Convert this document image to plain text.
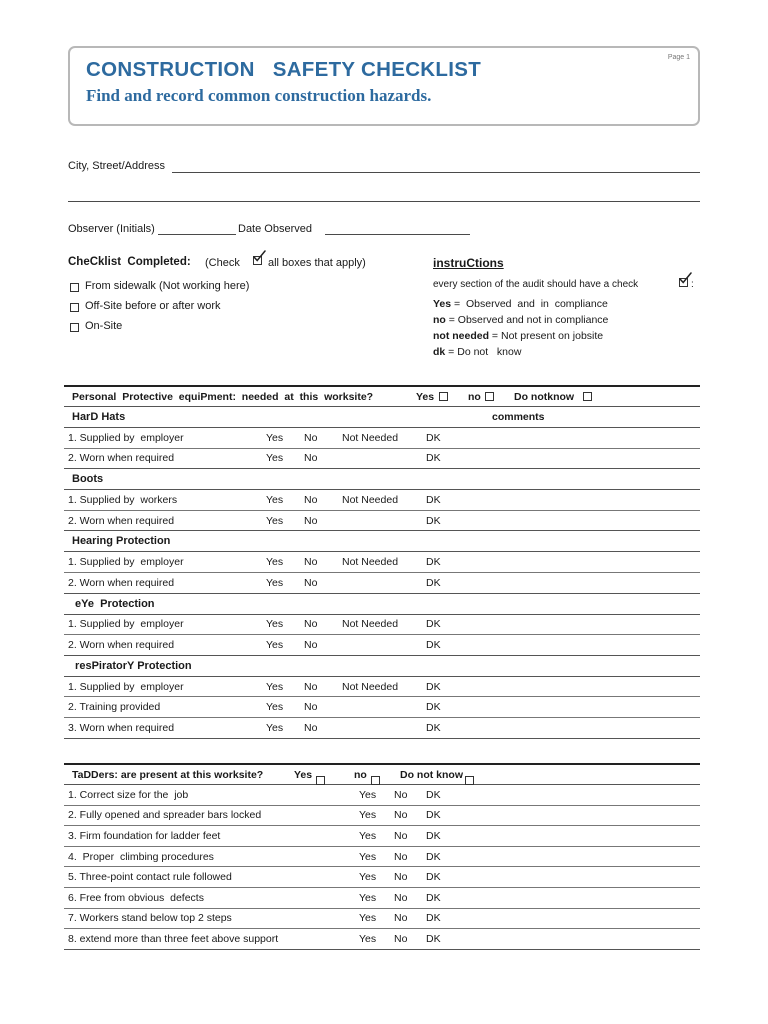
CONSTRUCTION   SAFETY CHECKLIST
Find and record common construction hazards.
Page 1
City, Street/Address
Observer (Initials)	Date Observed
CheCklist  Completed: (Check	all boxes that apply)
From sidewalk (Not working here)
Off-Site before or after work
On-Site
instruCtions
every section of the audit should have a check	:
Yes =  Observed  and  in  compliance
no = Observed and not in compliance
not needed = Not present on jobsite
dk = Do not   know
Personal  Protective  equiPment:  needed  at  this  worksite?	Yes	no	Do notknow
HarD Hats	comments
1. Supplied by  employer	Yes No Not Needed	DK
2. Worn when required	Yes No	DK
Boots
1. Supplied by  workers	Yes No Not Needed	DK
2. Worn when required	Yes No	DK
Hearing Protection
1. Supplied by  employer	Yes No Not Needed	DK
2. Worn when required	Yes No	DK
eYe  Protection
1. Supplied by  employer	Yes No Not Needed	DK
2. Worn when required	Yes No	DK
resPiratorY Protection
1. Supplied by  employer	Yes No Not Needed	DK
2. Training provided	Yes No	DK
3. Worn when required	Yes No	DK
TaDDers: are present at this worksite?	Yes	no	Do not know
1. Correct size for the  job	Yes No DK
2. Fully opened and spreader bars locked	Yes No DK
3. Firm foundation for ladder feet	Yes No DK
4.  Proper  climbing procedures	Yes No DK
5. Three-point contact rule followed	Yes No DK
6. Free from obvious  defects	Yes No DK
7. Workers stand below top 2 steps	Yes No DK
8. extend more than three feet above support	Yes No DK
